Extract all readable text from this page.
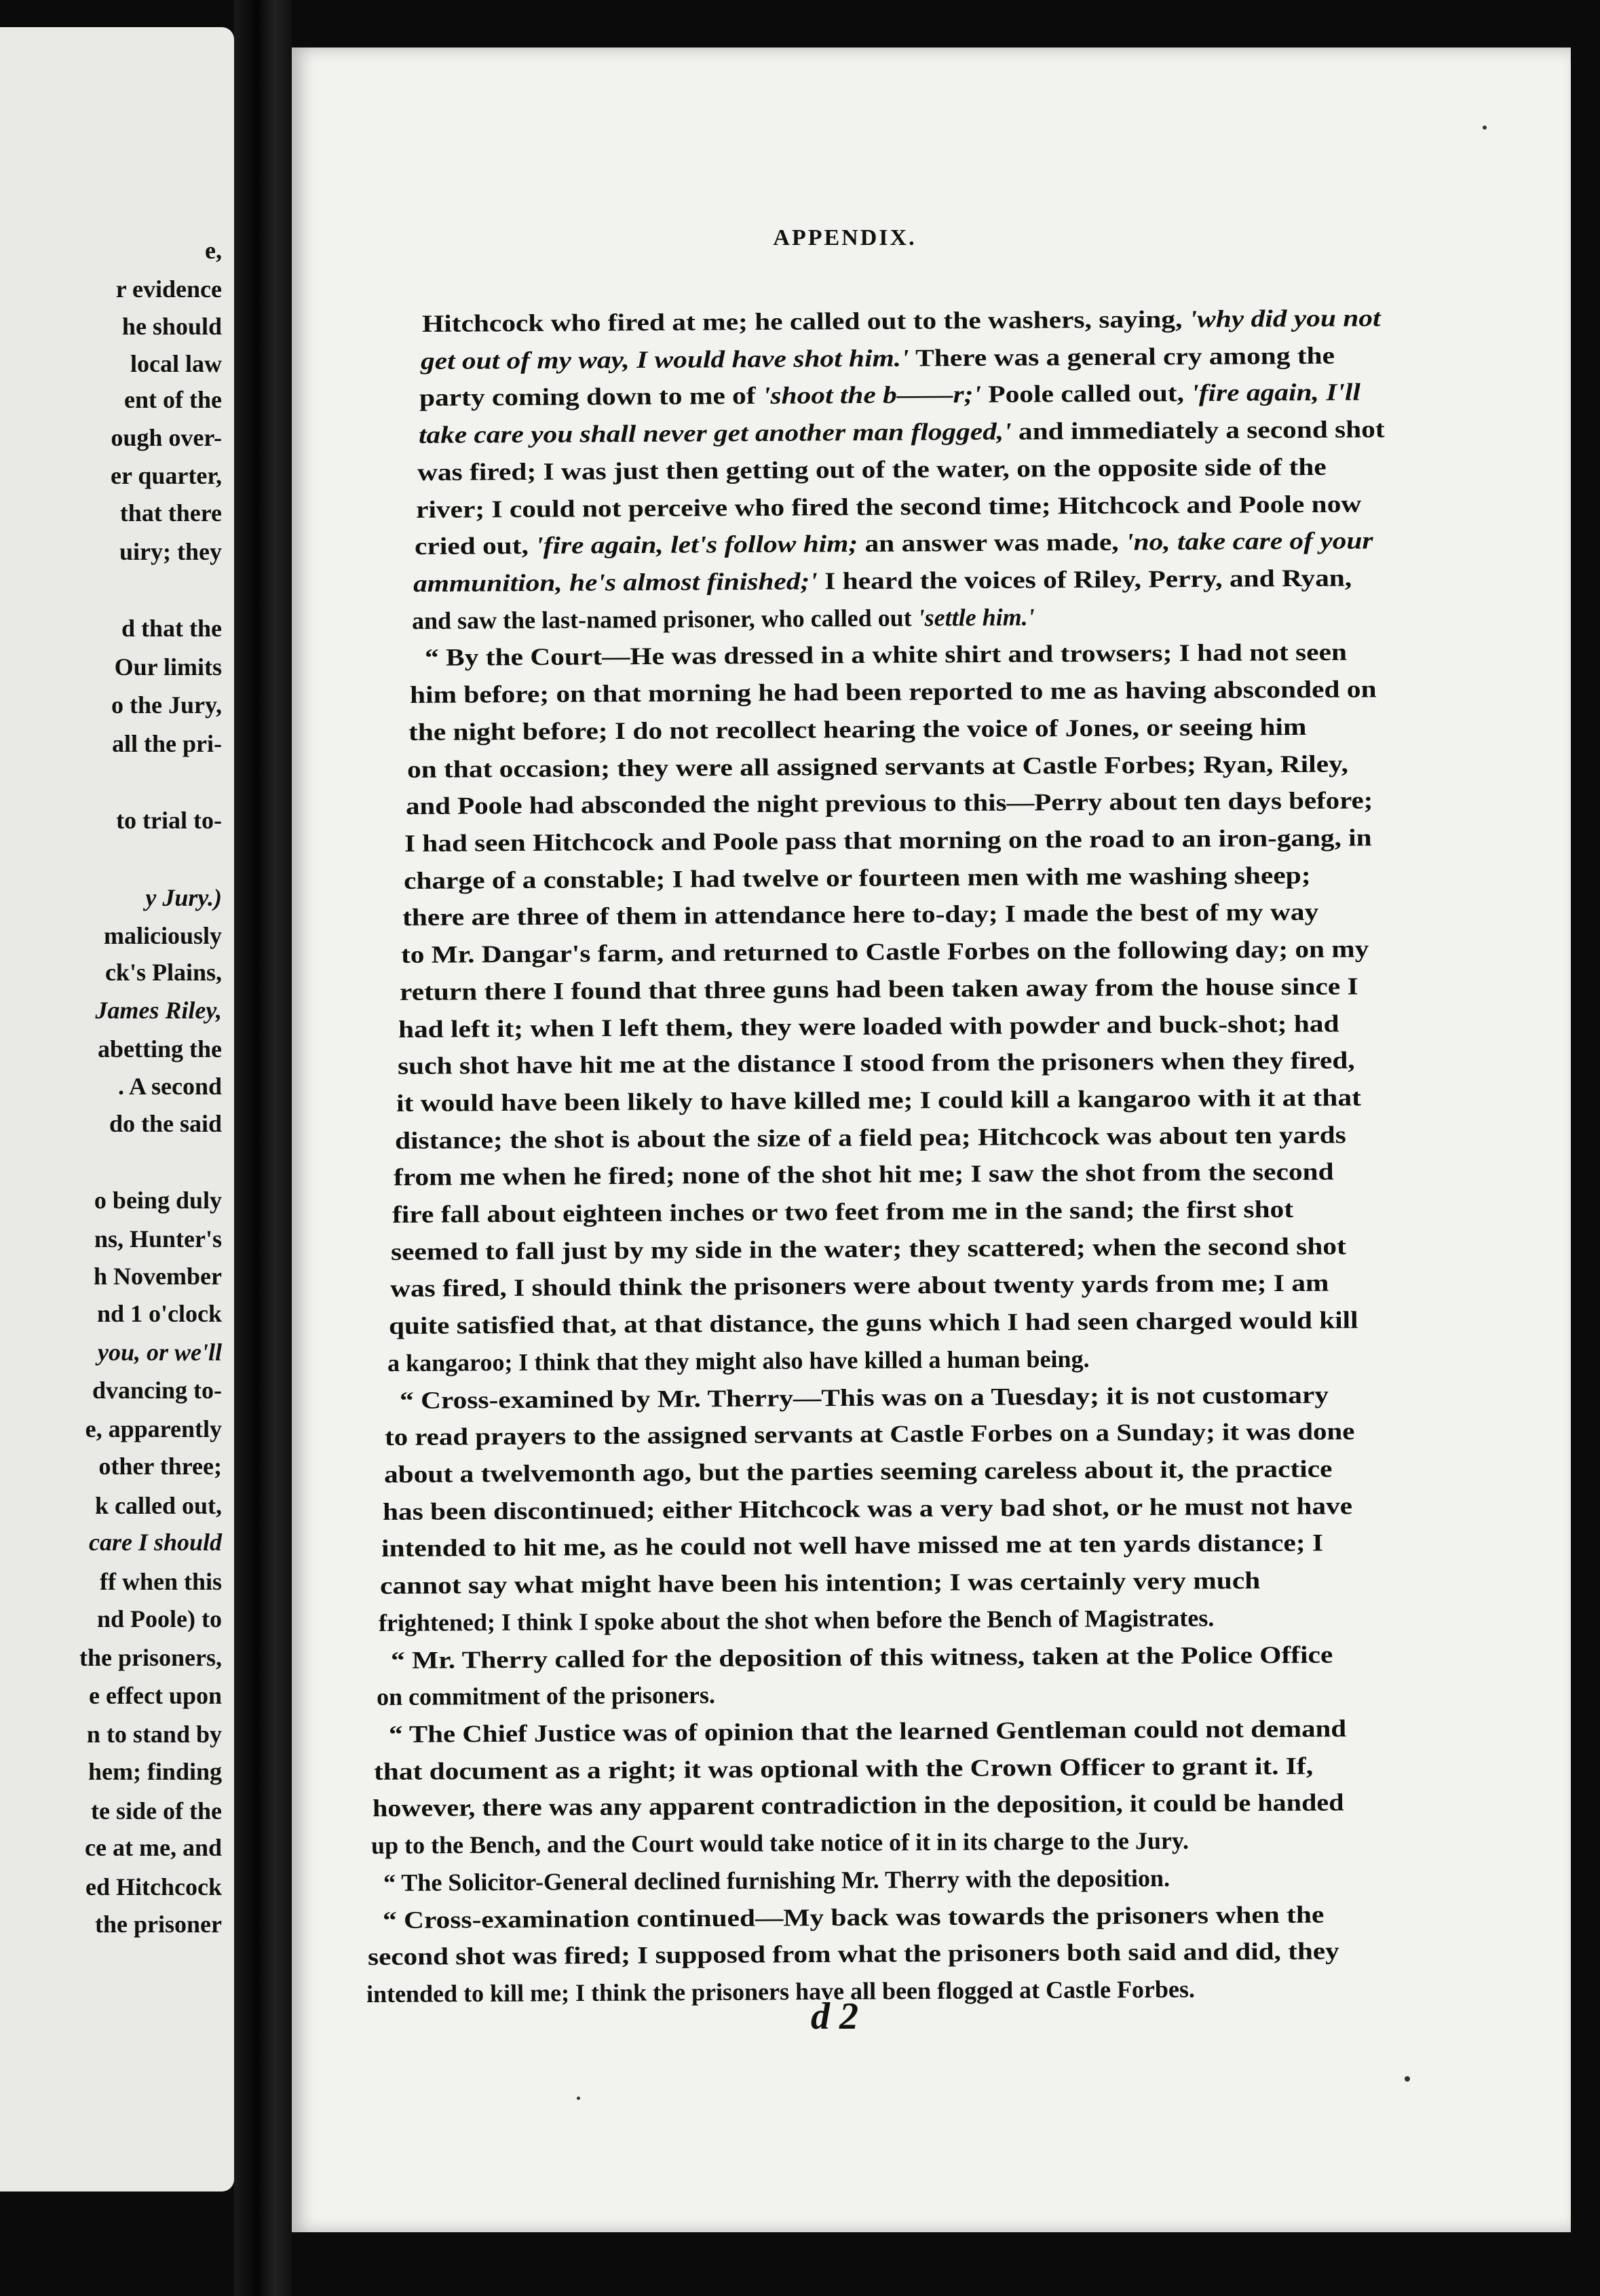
e,
r evidence
he should
local law
ent of the
ough over-
er quarter,
that there
uiry; they
d that the
Our limits
o the Jury,
all the pri-
to trial to-
y Jury.)
maliciously
ck's Plains,
James Riley,
abetting the
. A second
do the said
o being duly
ns, Hunter's
h November
nd 1 o'clock
you, or we'll
dvancing to-
e, apparently
other three;
k called out,
care I should
ff when this
nd Poole) to
the prisoners,
e effect upon
n to stand by
hem; finding
te side of the
ce at me, and
ed Hitchcock
the prisoner
APPENDIX.
Hitchcock who fired at me; he called out to the washers, saying, 'why did you not
get out of my way, I would have shot him.' There was a general cry among the
party coming down to me of 'shoot the b——r;' Poole called out, 'fire again, I'll
take care you shall never get another man flogged,' and immediately a second shot
was fired; I was just then getting out of the water, on the opposite side of the
river; I could not perceive who fired the second time; Hitchcock and Poole now
cried out, 'fire again, let's follow him; an answer was made, 'no, take care of your
ammunition, he's almost finished;' I heard the voices of Riley, Perry, and Ryan,
and saw the last-named prisoner, who called out 'settle him.'
“ By the Court—He was dressed in a white shirt and trowsers; I had not seen
him before; on that morning he had been reported to me as having absconded on
the night before; I do not recollect hearing the voice of Jones, or seeing him
on that occasion; they were all assigned servants at Castle Forbes; Ryan, Riley,
and Poole had absconded the night previous to this—Perry about ten days before;
I had seen Hitchcock and Poole pass that morning on the road to an iron-gang, in
charge of a constable; I had twelve or fourteen men with me washing sheep;
there are three of them in attendance here to-day; I made the best of my way
to Mr. Dangar's farm, and returned to Castle Forbes on the following day; on my
return there I found that three guns had been taken away from the house since I
had left it; when I left them, they were loaded with powder and buck-shot; had
such shot have hit me at the distance I stood from the prisoners when they fired,
it would have been likely to have killed me; I could kill a kangaroo with it at that
distance; the shot is about the size of a field pea; Hitchcock was about ten yards
from me when he fired; none of the shot hit me; I saw the shot from the second
fire fall about eighteen inches or two feet from me in the sand; the first shot
seemed to fall just by my side in the water; they scattered; when the second shot
was fired, I should think the prisoners were about twenty yards from me; I am
quite satisfied that, at that distance, the guns which I had seen charged would kill
a kangaroo; I think that they might also have killed a human being.
“ Cross-examined by Mr. Therry—This was on a Tuesday; it is not customary
to read prayers to the assigned servants at Castle Forbes on a Sunday; it was done
about a twelvemonth ago, but the parties seeming careless about it, the practice
has been discontinued; either Hitchcock was a very bad shot, or he must not have
intended to hit me, as he could not well have missed me at ten yards distance; I
cannot say what might have been his intention; I was certainly very much
frightened; I think I spoke about the shot when before the Bench of Magistrates.
“ Mr. Therry called for the deposition of this witness, taken at the Police Office
on commitment of the prisoners.
“ The Chief Justice was of opinion that the learned Gentleman could not demand
that document as a right; it was optional with the Crown Officer to grant it. If,
however, there was any apparent contradiction in the deposition, it could be handed
up to the Bench, and the Court would take notice of it in its charge to the Jury.
“ The Solicitor-General declined furnishing Mr. Therry with the deposition.
“ Cross-examination continued—My back was towards the prisoners when the
second shot was fired; I supposed from what the prisoners both said and did, they
intended to kill me; I think the prisoners have all been flogged at Castle Forbes.
d 2
